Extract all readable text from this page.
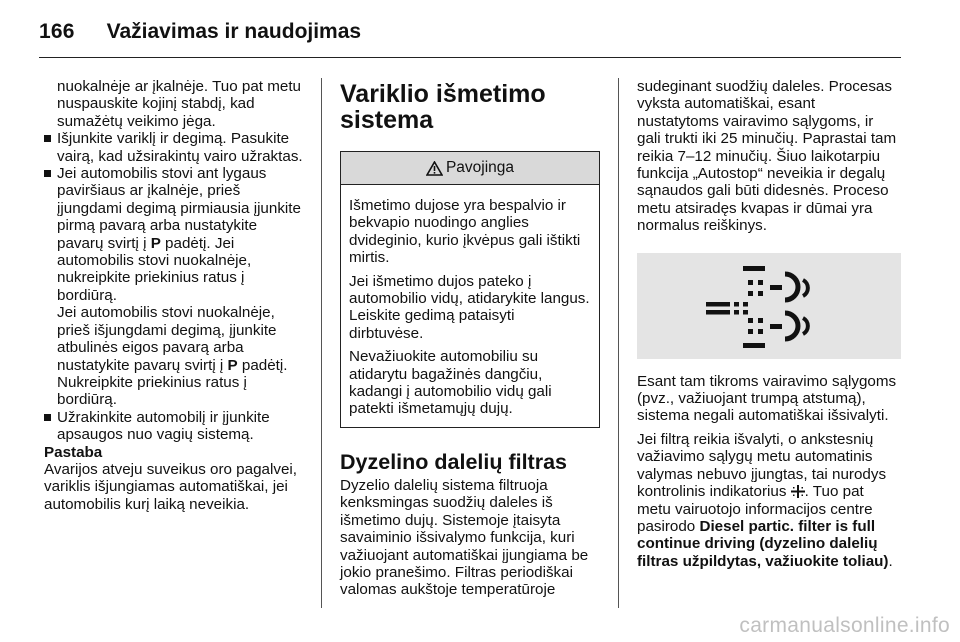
166 Važiavimas ir naudojimas

nuokalnėje ar įkalnėje. Tuo pat metu nuspauskite kojinį stabdį, kad sumažėtų veikimo jėga.

Išjunkite variklį ir degimą. Pasukite vairą, kad užsirakintų vairo užraktas.

Jei automobilis stovi ant lygaus paviršiaus ar įkalnėje, prieš įjungdami degimą pirmiausia įjunkite pirmą pavarą arba nustatykite pavarų svirtį į P padėtį. Jei automobilis stovi nuokalnėje, nukreipkite priekinius ratus į bordiūrą.

Jei automobilis stovi nuokalnėje, prieš išjungdami degimą, įjunkite atbulinės eigos pavarą arba nustatykite pavarų svirtį į P padėtį. Nukreipkite priekinius ratus į bordiūrą.

Užrakinkite automobilį ir įjunkite apsaugos nuo vagių sistemą.

Pastaba

Avarijos atveju suveikus oro pagalvei, variklis išjungiamas automatiškai, jei automobilis kurį laiką neveikia.

Variklio išmetimo sistema
Pavojinga

Išmetimo dujose yra bespalvio ir bekvapio nuodingo anglies dvideginio, kurio įkvėpus gali ištikti mirtis.

Jei išmetimo dujos pateko į automobilio vidų, atidarykite langus. Leiskite gedimą pataisyti dirbtuvėse.

Nevažiuokite automobiliu su atidarytu bagažinės dangčiu, kadangi į automobilio vidų gali patekti išmetamųjų dujų.

Dyzelino dalelių filtras

Dyzelio dalelių sistema filtruoja kenksmingas suodžių daleles iš išmetimo dujų. Sistemoje įtaisyta savaiminio išsivalymo funkcija, kuri važiuojant automatiškai įjungiama be jokio pranešimo. Filtras periodiškai valomas aukštoje temperatūroje

sudeginant suodžių daleles. Procesas vyksta automatiškai, esant nustatytoms vairavimo sąlygoms, ir gali trukti iki 25 minučių. Paprastai tam reikia 7–12 minučių. Šiuo laikotarpiu funkcija „Autostop“ neveikia ir degalų sąnaudos gali būti didesnės. Proceso metu atsiradęs kvapas ir dūmai yra normalus reiškinys.

Esant tam tikroms vairavimo sąlygoms (pvz., važiuojant trumpą atstumą), sistema negali automatiškai išsivalyti.

Jei filtrą reikia išvalyti, o ankstesnių važiavimo sąlygų metu automatinis valymas nebuvo įjungtas, tai nurodys kontrolinis indikatorius . Tuo pat metu vairuotojo informacijos centre pasirodo Diesel partic. filter is full continue driving (dyzelino dalelių filtras užpildytas, važiuokite toliau).

carmanualsonline.info
